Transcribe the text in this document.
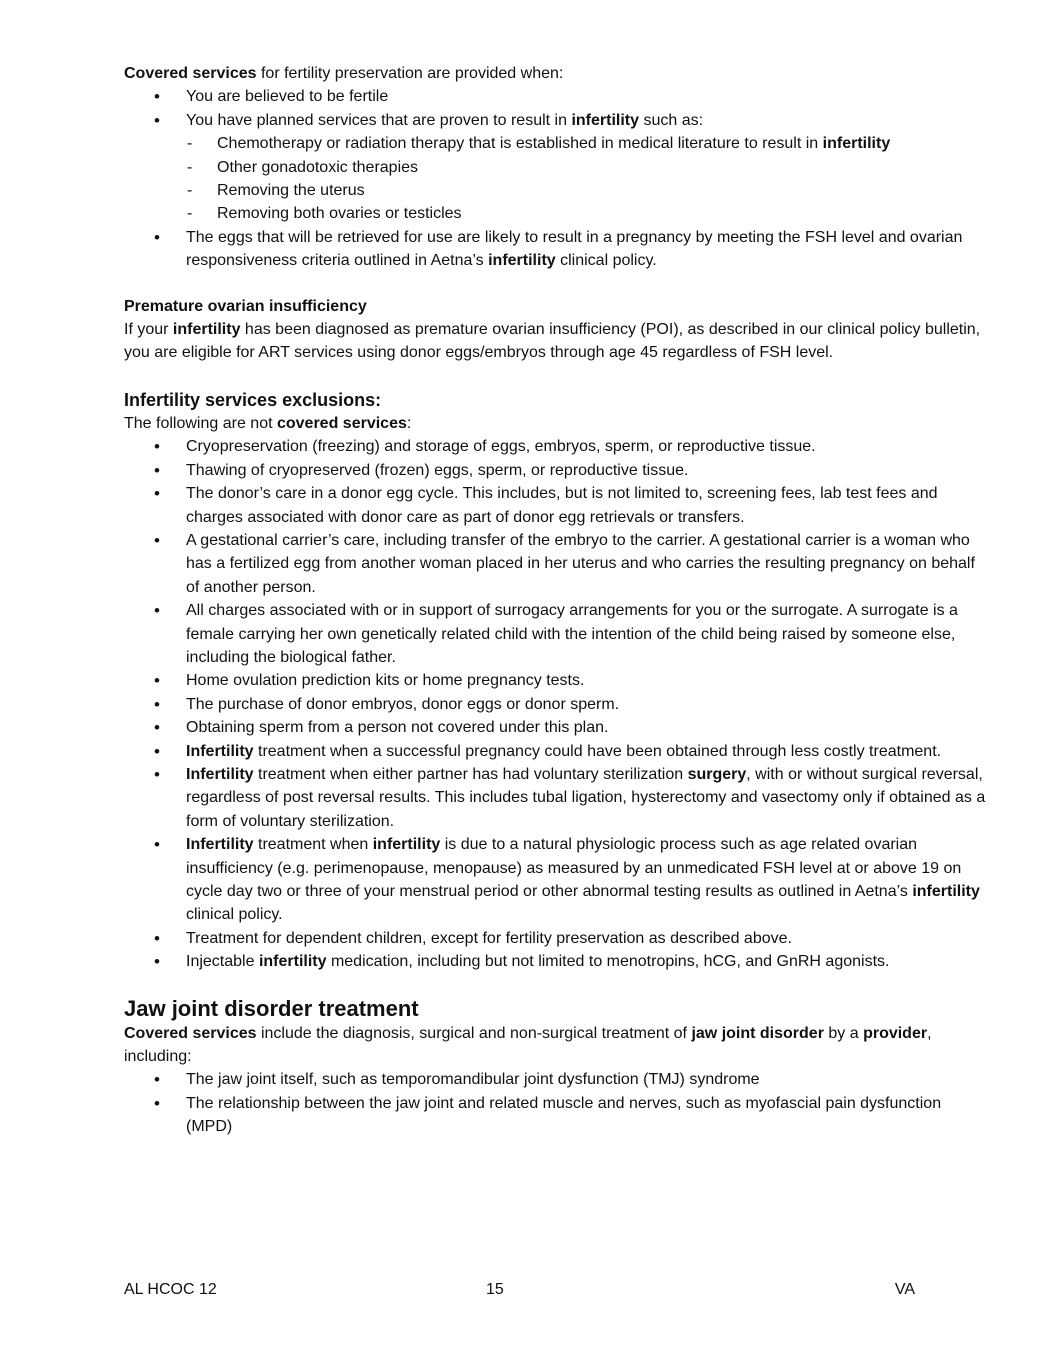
Covered services for fertility preservation are provided when:

• You are believed to be fertile
• You have planned services that are proven to result in infertility such as:
- Chemotherapy or radiation therapy that is established in medical literature to result in infertility
- Other gonadotoxic therapies
- Removing the uterus
- Removing both ovaries or testicles
• The eggs that will be retrieved for use are likely to result in a pregnancy by meeting the FSH level and ovarian responsiveness criteria outlined in Aetna’s infertility clinical policy.

Premature ovarian insufficiency

If your infertility has been diagnosed as premature ovarian insufficiency (POI), as described in our clinical policy bulletin, you are eligible for ART services using donor eggs/embryos through age 45 regardless of FSH level.

Infertility services exclusions:

The following are not covered services:

• Cryopreservation (freezing) and storage of eggs, embryos, sperm, or reproductive tissue.
• Thawing of cryopreserved (frozen) eggs, sperm, or reproductive tissue.
• The donor’s care in a donor egg cycle. This includes, but is not limited to, screening fees, lab test fees and charges associated with donor care as part of donor egg retrievals or transfers.
• A gestational carrier’s care, including transfer of the embryo to the carrier. A gestational carrier is a woman who has a fertilized egg from another woman placed in her uterus and who carries the resulting pregnancy on behalf of another person.
• All charges associated with or in support of surrogacy arrangements for you or the surrogate. A surrogate is a female carrying her own genetically related child with the intention of the child being raised by someone else, including the biological father.
• Home ovulation prediction kits or home pregnancy tests.
• The purchase of donor embryos, donor eggs or donor sperm.
• Obtaining sperm from a person not covered under this plan.
• Infertility treatment when a successful pregnancy could have been obtained through less costly treatment.
• Infertility treatment when either partner has had voluntary sterilization surgery, with or without surgical reversal, regardless of post reversal results. This includes tubal ligation, hysterectomy and vasectomy only if obtained as a form of voluntary sterilization.
• Infertility treatment when infertility is due to a natural physiologic process such as age related ovarian insufficiency (e.g. perimenopause, menopause) as measured by an unmedicated FSH level at or above 19 on cycle day two or three of your menstrual period or other abnormal testing results as outlined in Aetna’s infertility clinical policy.
• Treatment for dependent children, except for fertility preservation as described above.
• Injectable infertility medication, including but not limited to menotropins, hCG, and GnRH agonists.

Jaw joint disorder treatment

Covered services include the diagnosis, surgical and non-surgical treatment of jaw joint disorder by a provider, including:

• The jaw joint itself, such as temporomandibular joint dysfunction (TMJ) syndrome
• The relationship between the jaw joint and related muscle and nerves, such as myofascial pain dysfunction (MPD)
AL HCOC 12	15	VA
